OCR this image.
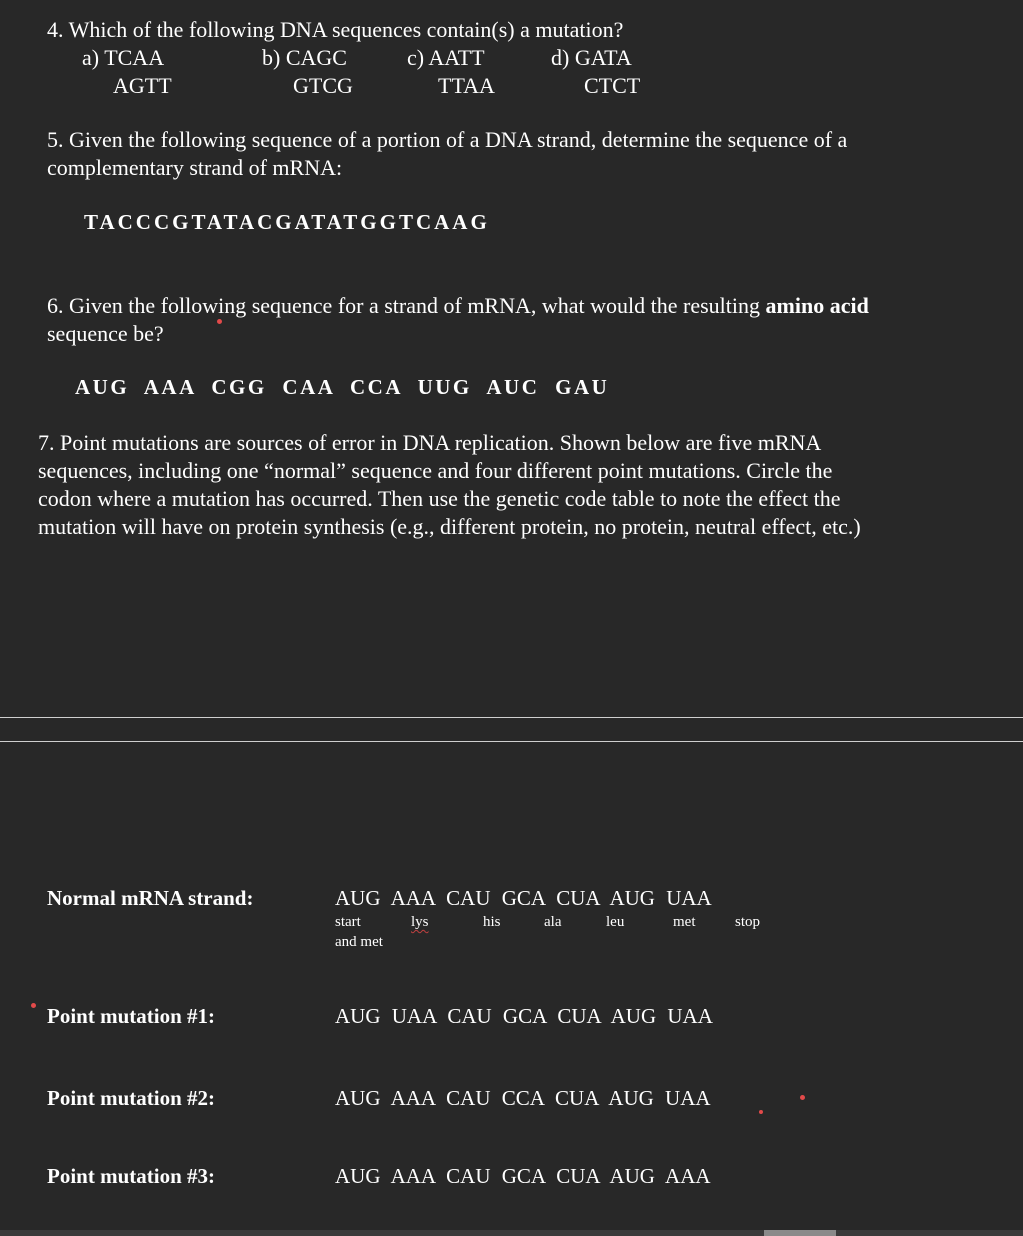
4. Which of the following DNA sequences contain(s) a mutation?
a) TCAA
AGTT
b) CAGC
GTCG
c) AATT
TTAA
d) GATA
CTCT
5. Given the following sequence of a portion of a DNA strand, determine the sequence of a
complementary strand of mRNA:
TACCCGTATACGATATGGTCAAG
6. Given the following sequence for a strand of mRNA, what would the resulting amino acid
sequence be?
AUG AAA CGG CAA CCA UUG AUC GAU
7. Point mutations are sources of error in DNA replication. Shown below are five mRNA
sequences, including one “normal” sequence and four different point mutations. Circle the
codon where a mutation has occurred. Then use the genetic code table to note the effect the
mutation will have on protein synthesis (e.g., different protein, no protein, neutral effect, etc.)
Normal mRNA strand:	AUG AAA CAU GCA CUA AUG UAA
start	lys	his	ala	leu	met	stop
and met
Point mutation #1:	AUG UAA CAU GCA CUA AUG UAA
Point mutation #2:	AUG AAA CAU CCA CUA AUG UAA
Point mutation #3:	AUG AAA CAU GCA CUA AUG AAA
